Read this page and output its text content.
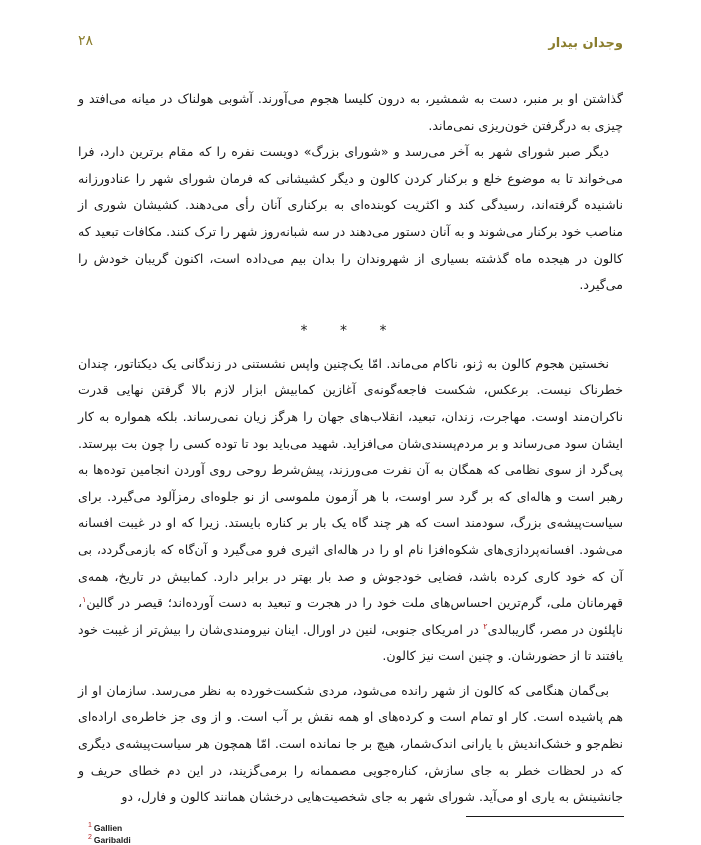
۲۸	وجدان بیدار

گذاشتن او بر منبر، دست به شمشیر، به درون کلیسا هجوم می‌آورند. آشوبی هولناک در میانه می‌افتد و چیزی به درگرفتن خون‌ریزی نمی‌ماند.

دیگر صبر شورای شهر به آخر می‌رسد و «شورای بزرگ» دویست نفره را که مقام برترین دارد، فرا می‌خواند تا به موضوع خلع و برکنار کردن کالون و دیگر کشیشانی که فرمان شورای شهر را عنادورزانه ناشنیده گرفته‌اند، رسیدگی کند و اکثریت کوبنده‌ای به برکناری آنان رأی می‌دهند. کشیشان شوری از مناصب خود برکنار می‌شوند و به آنان دستور می‌دهند در سه شبانه‌روز شهر را ترک کنند. مکافات تبعید که کالون در هیجده ماه گذشته بسیاری از شهروندان را بدان بیم می‌داده است، اکنون گریبان خودش را می‌گیرد.

* * *

نخستین هجوم کالون به ژنو، ناکام می‌ماند. امّا یک‌چنین واپس نشستنی در زندگانی یک دیکتاتور، چندان خطرناک نیست. برعکس، شکست فاجعه‌گونه‌ی آغازین کمابیش ابزار لازم بالا گرفتن نهایی قدرت ناکران‌مند اوست. مهاجرت، زندان، تبعید، انقلاب‌های جهان را هرگز زیان نمی‌رساند. بلکه همواره به کار ایشان سود می‌رساند و بر مردم‌پسندی‌شان می‌افزاید. شهید می‌باید بود تا توده کسی را چون بت بپرستد. پی‌گرد از سوی نظامی که همگان به آن نفرت می‌ورزند، پیش‌شرط روحی روی آوردن انجامین توده‌ها به رهبر است و هاله‌ای که بر گرد سر اوست، با هر آزمون ملموسی از نو جلوه‌ای رمزآلود می‌گیرد. برای سیاست‌پیشه‌ی بزرگ، سودمند است که هر چند گاه یک بار بر کناره بایستد. زیرا که او در غیبت افسانه می‌شود. افسانه‌پردازی‌های شکوه‌افزا نام او را در هاله‌ای اثیری فرو می‌گیرد و آن‌گاه که بازمی‌گردد، بی آن که خود کاری کرده باشد، فضایی خودجوش و صد بار بهتر در برابر دارد. کمابیش در تاریخ، همه‌ی قهرمانان ملی، گرم‌ترین احساس‌های ملت خود را در هجرت و تبعید به دست آورده‌اند؛ قیصر در گالین$^۱$، ناپلئون در مصر، گاریبالدی$^۲$ در امریکای جنوبی، لنین در اورال. اینان نیرومندی‌شان را بیش‌تر از غیبت خود یافتند تا از حضورشان. و چنین است نیز کالون.

بی‌گمان هنگامی که کالون از شهر رانده می‌شود، مردی شکست‌خورده به نظر می‌رسد. سازمان او از هم پاشیده است. کار او تمام است و کرده‌های او همه نقش بر آب است. و از وی جز خاطره‌ی اراده‌ای نظم‌جو و خشک‌اندیش با یارانی اندک‌شمار، هیچ بر جا نمانده است. امّا همچون هر سیاست‌پیشه‌ی دیگری که در لحظات خطر به جای سازش، کناره‌جویی مصممانه را برمی‌گزیند، در این دم خطای حریف و جانشینش به یاری او می‌آید. شورای شهر به جای شخصیت‌هایی درخشان همانند کالون و فارل، دو

$^1$ Gallien
$^2$ Garibaldi
